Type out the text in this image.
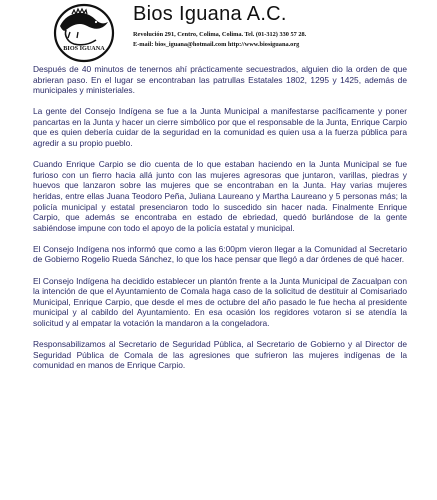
BIOS IGUANA
Bios Iguana A.C.
Revolución 291, Centro, Colima, Colima. Tel. (01-312) 330 57 28.
E-mail: bios_iguana@hotmail.com http://www.biosiguana.org

Después de 40 minutos de tenernos ahí prácticamente secuestrados, alguien dio la orden de que abrieran paso. En el lugar se encontraban las patrullas Estatales 1802, 1295 y 1425, además de municipales y ministeriales.

La gente del Consejo Indígena se fue a la Junta Municipal a manifestarse pacíficamente y poner pancartas en la Junta y hacer un cierre simbólico por que el responsable de la Junta, Enrique Carpio que es quien debería cuidar de la seguridad en la comunidad es quien usa a la fuerza pública para agredir a su propio pueblo.

Cuando Enrique Carpio se dio cuenta de lo que estaban haciendo en la Junta Municipal se fue furioso con un fierro hacia allá junto con las mujeres agresoras que juntaron, varillas, piedras y huevos que lanzaron sobre las mujeres que se encontraban en la Junta. Hay varias mujeres heridas, entre ellas Juana Teodoro Peña, Juliana Laureano y Martha Laureano y 5 personas más; la policía municipal y estatal presenciaron todo lo suscedido sin hacer nada. Finalmente Enrique Carpio, que además se encontraba en estado de ebriedad, quedó burlándose de la gente sabiéndose impune con todo el apoyo de la policía estatal y municipal.

El Consejo Indígena nos informó que como a las 6:00pm vieron llegar a la Comunidad al Secretario de Gobierno Rogelio Rueda Sánchez, lo que los hace pensar que llegó a dar órdenes de qué hacer.

El Consejo Indígena ha decidido establecer un plantón frente a la Junta Municipal de Zacualpan con la intención de que el Ayuntamiento de Comala haga caso de la solicitud de destituir al Comisariado Municipal, Enrique Carpio, que desde el mes de octubre del año pasado le fue hecha al presidente municipal y al cabildo del Ayuntamiento. En esa ocasión los regidores votaron si se atendía la solicitud y al empatar la votación la mandaron a la congeladora.

Responsabilizamos al Secretario de Seguridad Pública, al Secretario de Gobierno y al Director de Seguridad Pública de Comala de las agresiones que sufrieron las mujeres indígenas de la comunidad en manos de Enrique Carpio.
